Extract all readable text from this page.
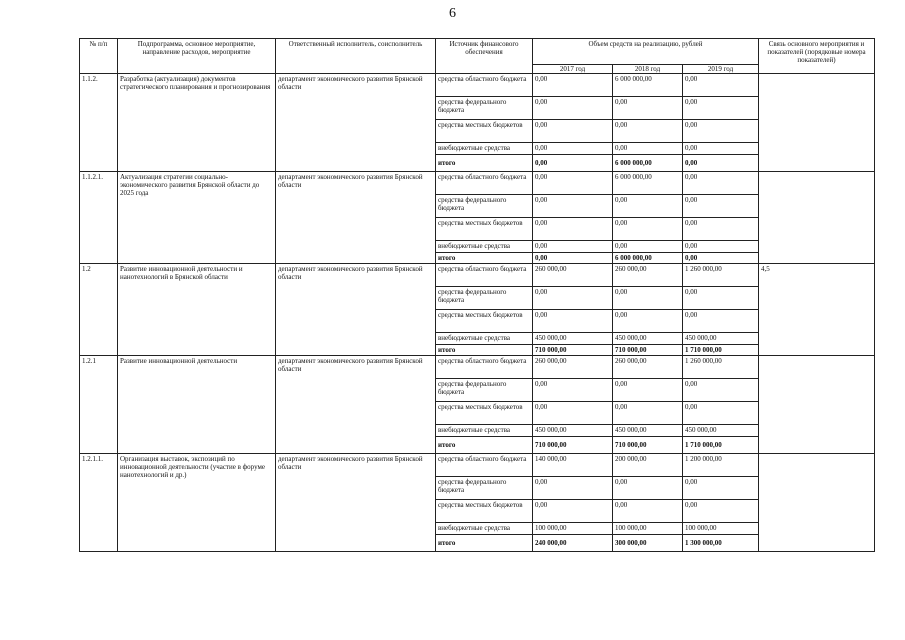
6
№ п/п	Подпрограмма, основное мероприятие, направление расходов, мероприятие	Ответственный исполнитель, соисполнитель	Источник финансового обеспечения	Объем средств на реализацию, рублей			Связь основного мероприятия и показателей (порядковые номера показателей)
				2017 год	2018 год	2019 год	
1.1.2.	Разработка (актуализация) документов стратегического планирования и прогнозирования	департамент экономического развития Брянской области	средства областного бюджета	0,00	6 000 000,00	0,00	
			средства федерального бюджета	0,00	0,00	0,00	
			средства местных бюджетов	0,00	0,00	0,00	
			внебюджетные средства	0,00	0,00	0,00	
			итого	0,00	6 000 000,00	0,00	
1.1.2.1.	Актуализация стратегии социально-экономического развития Брянской области до 2025 года	департамент экономического развития Брянской области	средства областного бюджета	0,00	6 000 000,00	0,00	
			средства федерального бюджета	0,00	0,00	0,00	
			средства местных бюджетов	0,00	0,00	0,00	
			внебюджетные средства	0,00	0,00	0,00	
			итого	0,00	6 000 000,00	0,00	
1.2	Развитие инновационной деятельности и нанотехнологий в Брянской области	департамент экономического развития Брянской области	средства областного бюджета	260 000,00	260 000,00	1 260 000,00	4,5
			средства федерального бюджета	0,00	0,00	0,00	
			средства местных бюджетов	0,00	0,00	0,00	
			внебюджетные средства	450 000,00	450 000,00	450 000,00	
			итого	710 000,00	710 000,00	1 710 000,00	
1.2.1	Развитие инновационной деятельности	департамент экономического развития Брянской области	средства областного бюджета	260 000,00	260 000,00	1 260 000,00	
			средства федерального бюджета	0,00	0,00	0,00	
			средства местных бюджетов	0,00	0,00	0,00	
			внебюджетные средства	450 000,00	450 000,00	450 000,00	
			итого	710 000,00	710 000,00	1 710 000,00	
1.2.1.1.	Организация выставок, экспозиций по инновационной деятельности (участие в форуме нанотехнологий и др.)	департамент экономического развития Брянской области	средства областного бюджета	140 000,00	200 000,00	1 200 000,00	
			средства федерального бюджета	0,00	0,00	0,00	
			средства местных бюджетов	0,00	0,00	0,00	
			внебюджетные средства	100 000,00	100 000,00	100 000,00	
			итого	240 000,00	300 000,00	1 300 000,00	
